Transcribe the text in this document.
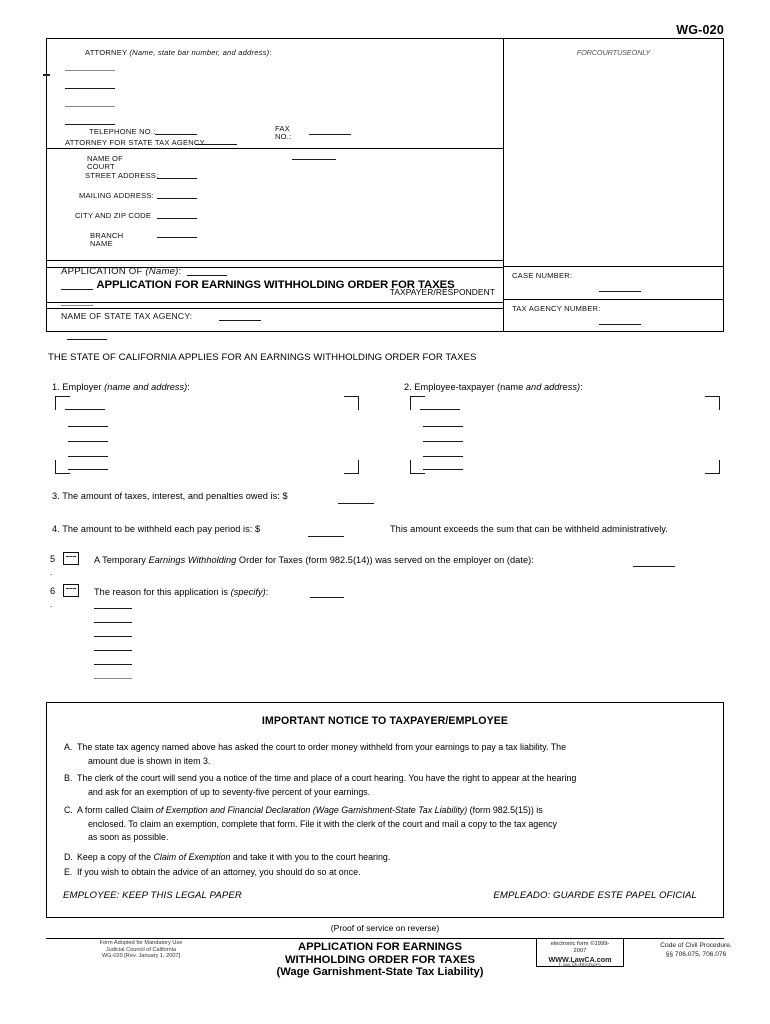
WG-020
ATTORNEY (Name, state bar number, and address):
TELEPHONE NO.:	FAX
NO.:
ATTORNEY FOR STATE TAX AGENCY
NAME OF
COURT
STREET ADDRESS:
MAILING ADDRESS:
CITY AND ZIP CODE
BRANCH
NAME
APPLICATION OF (Name):
TAXPAYER/RESPONDENT
APPLICATION FOR EARNINGS WITHHOLDING ORDER FOR TAXES
NAME OF STATE TAX AGENCY:
FORCOURTUSEONLY
CASE NUMBER:
TAX AGENCY NUMBER:
THE STATE OF CALIFORNIA APPLIES FOR AN EARNINGS WITHHOLDING ORDER FOR TAXES
1. Employer (name and address):	2. Employee-taxpayer (name and address):
3. The amount of taxes, interest, and penalties owed is: $
4. The amount to be withheld each pay period is: $	This amount exceeds the sum that can be withheld administratively.
5
.
A Temporary Earnings Withholding Order for Taxes (form 982.5(14)) was served on the employer on (date):
6
.
The reason for this application is (specify):
IMPORTANT NOTICE TO TAXPAYER/EMPLOYEE
A. The state tax agency named above has asked the court to order money withheld from your earnings to pay a tax liability. The
amount due is shown in item 3.
B. The clerk of the court will send you a notice of the time and place of a court hearing. You have the right to appear at the hearing
and ask for an exemption of up to seventy-five percent of your earnings.
C. A form called Claim of Exemption and Financial Declaration (Wage Garnishment-State Tax Liability) (form 982.5(15)) is
enclosed. To claim an exemption, complete that form. File it with the clerk of the court and mail a copy to the tax agency
as soon as possible.
D. Keep a copy of the Claim of Exemption and take it with you to the court hearing.
E. If you wish to obtain the advice of an attorney, you should do so at once.
EMPLOYEE: KEEP THIS LEGAL PAPER	EMPLEADO: GUARDE ESTE PAPEL OFICIAL
(Proof of service on reverse)
Form Adopted for Mandatory Use
Judicial Council of California
WG-020 [Rev. January 1, 2007]
APPLICATION FOR EARNINGS
WITHHOLDING ORDER FOR TAXES
(Wage Garnishment-State Tax Liability)
electronic form ©1999-
2007
WWW.LawCA.com
Law Publishers
Code of Civil Procedure,
§§ 706.075, 706.076
